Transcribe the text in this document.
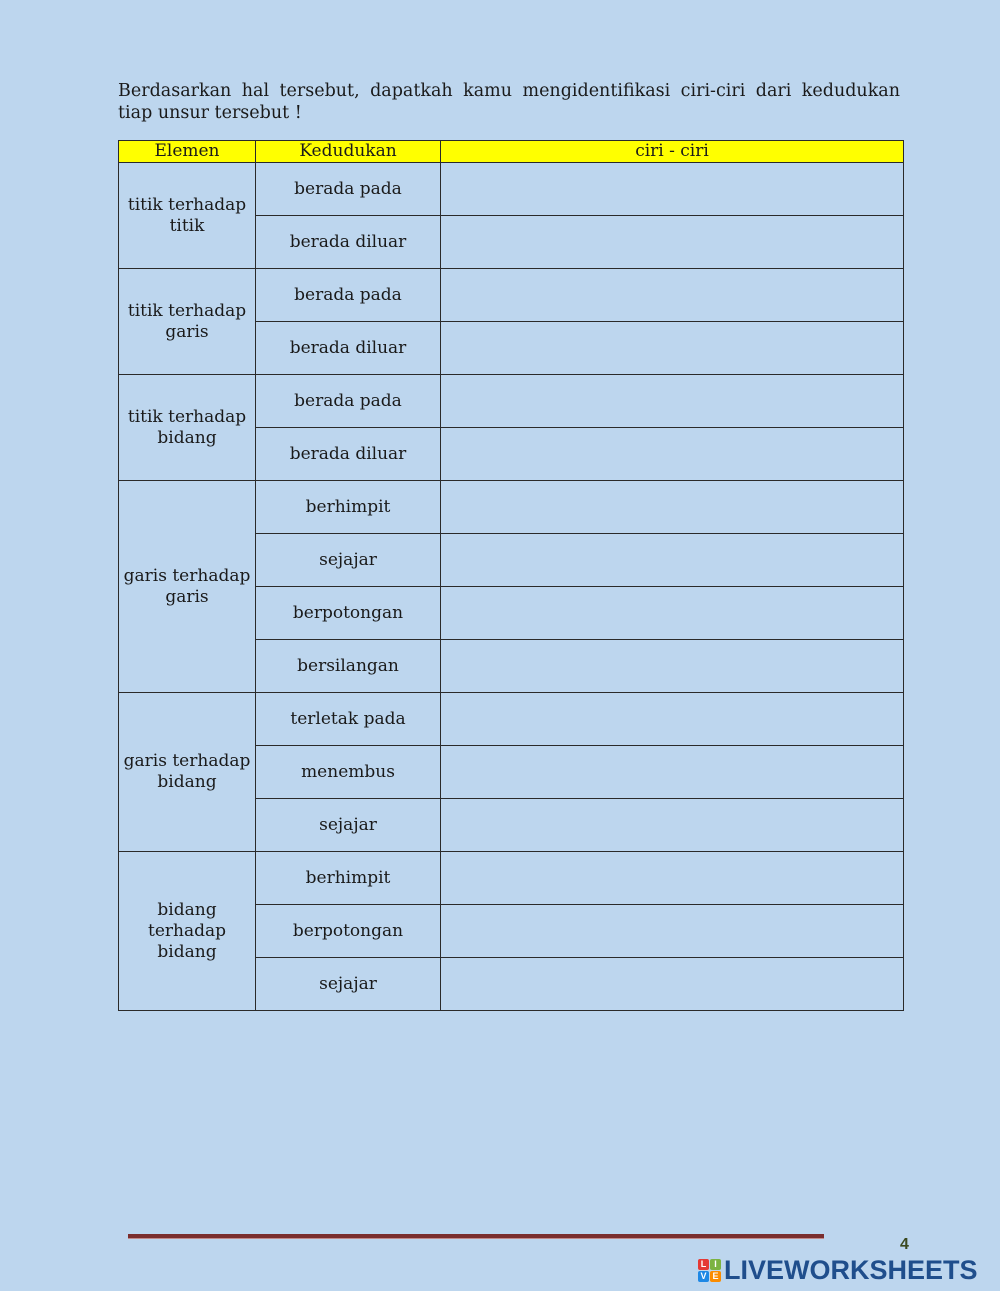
Berdasarkan hal tersebut, dapatkah kamu mengidentifikasi ciri-ciri dari kedudukan tiap unsur tersebut !

Elemen	Kedudukan	ciri - ciri
titik terhadap titik	berada pada	

	berada diluar	

titik terhadap garis	berada pada	

	berada diluar	

titik terhadap bidang	berada pada	

	berada diluar	

garis terhadap garis	berhimpit	

	sejajar	

	berpotongan	

	bersilangan	

garis terhadap bidang	terletak pada	

	menembus	

	sejajar	

bidang terhadap bidang	berhimpit	

	berpotongan	

	sejajar	
4
L I
V E LIVEWORKSHEETS
